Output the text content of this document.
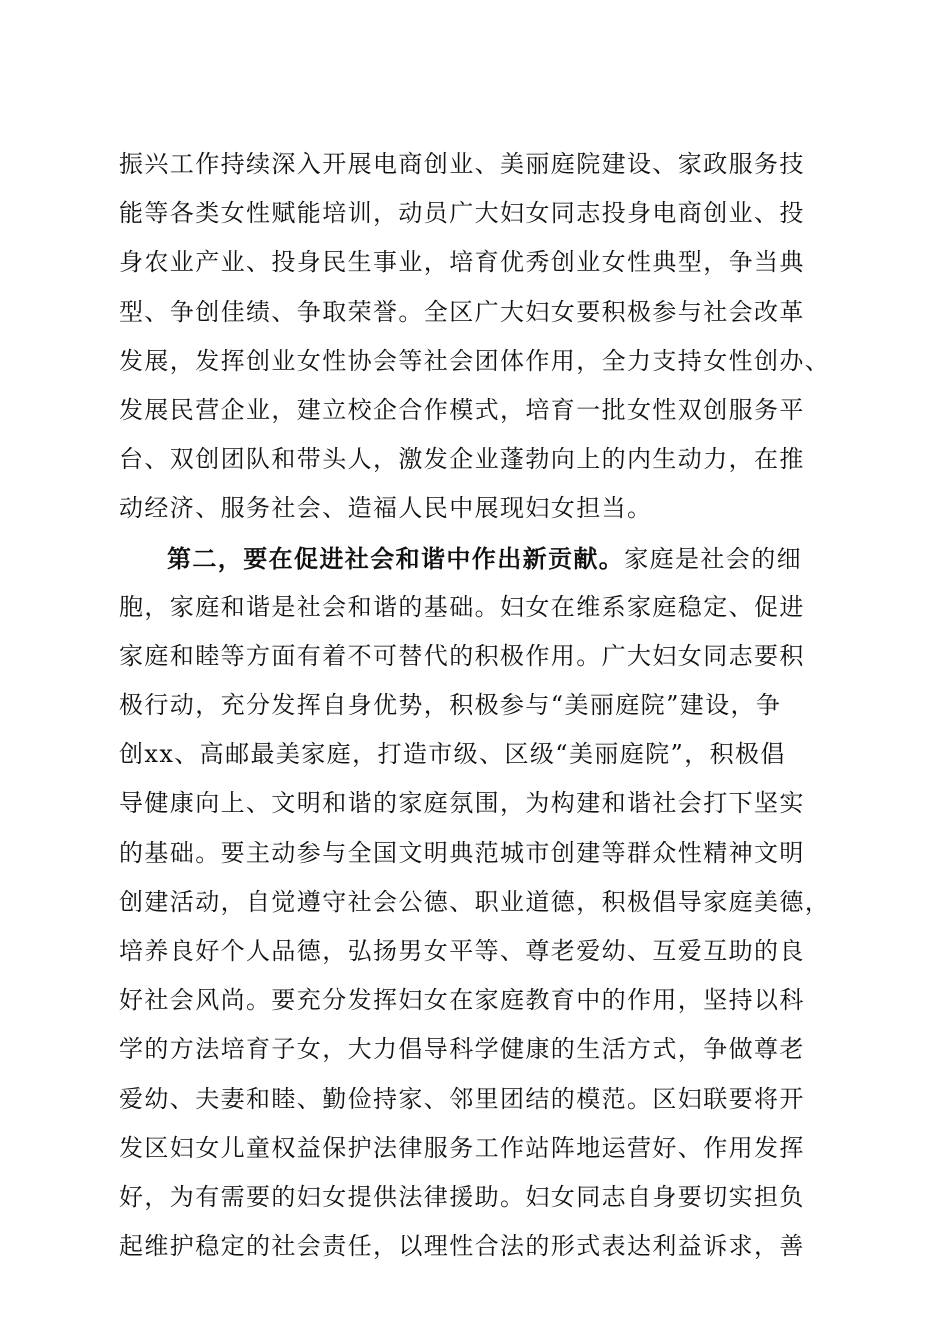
振兴工作持续深入开展电商创业、美丽庭院建设、家政服务技
能等各类女性赋能培训，动员广大妇女同志投身电商创业、投
身农业产业、投身民生事业，培育优秀创业女性典型，争当典
型、争创佳绩、争取荣誉。全区广大妇女要积极参与社会改革
发展，发挥创业女性协会等社会团体作用，全力支持女性创办、
发展民营企业，建立校企合作模式，培育一批女性双创服务平
台、双创团队和带头人，激发企业蓬勃向上的内生动力，在推
动经济、服务社会、造福人民中展现妇女担当。
第二，要在促进社会和谐中作出新贡献。家庭是社会的细
胞，家庭和谐是社会和谐的基础。妇女在维系家庭稳定、促进
家庭和睦等方面有着不可替代的积极作用。广大妇女同志要积
极行动，充分发挥自身优势，积极参与“美丽庭院”建设，争
创xx、高邮最美家庭，打造市级、区级“美丽庭院”，积极倡
导健康向上、文明和谐的家庭氛围，为构建和谐社会打下坚实
的基础。要主动参与全国文明典范城市创建等群众性精神文明
创建活动，自觉遵守社会公德、职业道德，积极倡导家庭美德，
培养良好个人品德，弘扬男女平等、尊老爱幼、互爱互助的良
好社会风尚。要充分发挥妇女在家庭教育中的作用，坚持以科
学的方法培育子女，大力倡导科学健康的生活方式，争做尊老
爱幼、夫妻和睦、勤俭持家、邻里团结的模范。区妇联要将开
发区妇女儿童权益保护法律服务工作站阵地运营好、作用发挥
好，为有需要的妇女提供法律援助。妇女同志自身要切实担负
起维护稳定的社会责任，以理性合法的形式表达利益诉求，善
